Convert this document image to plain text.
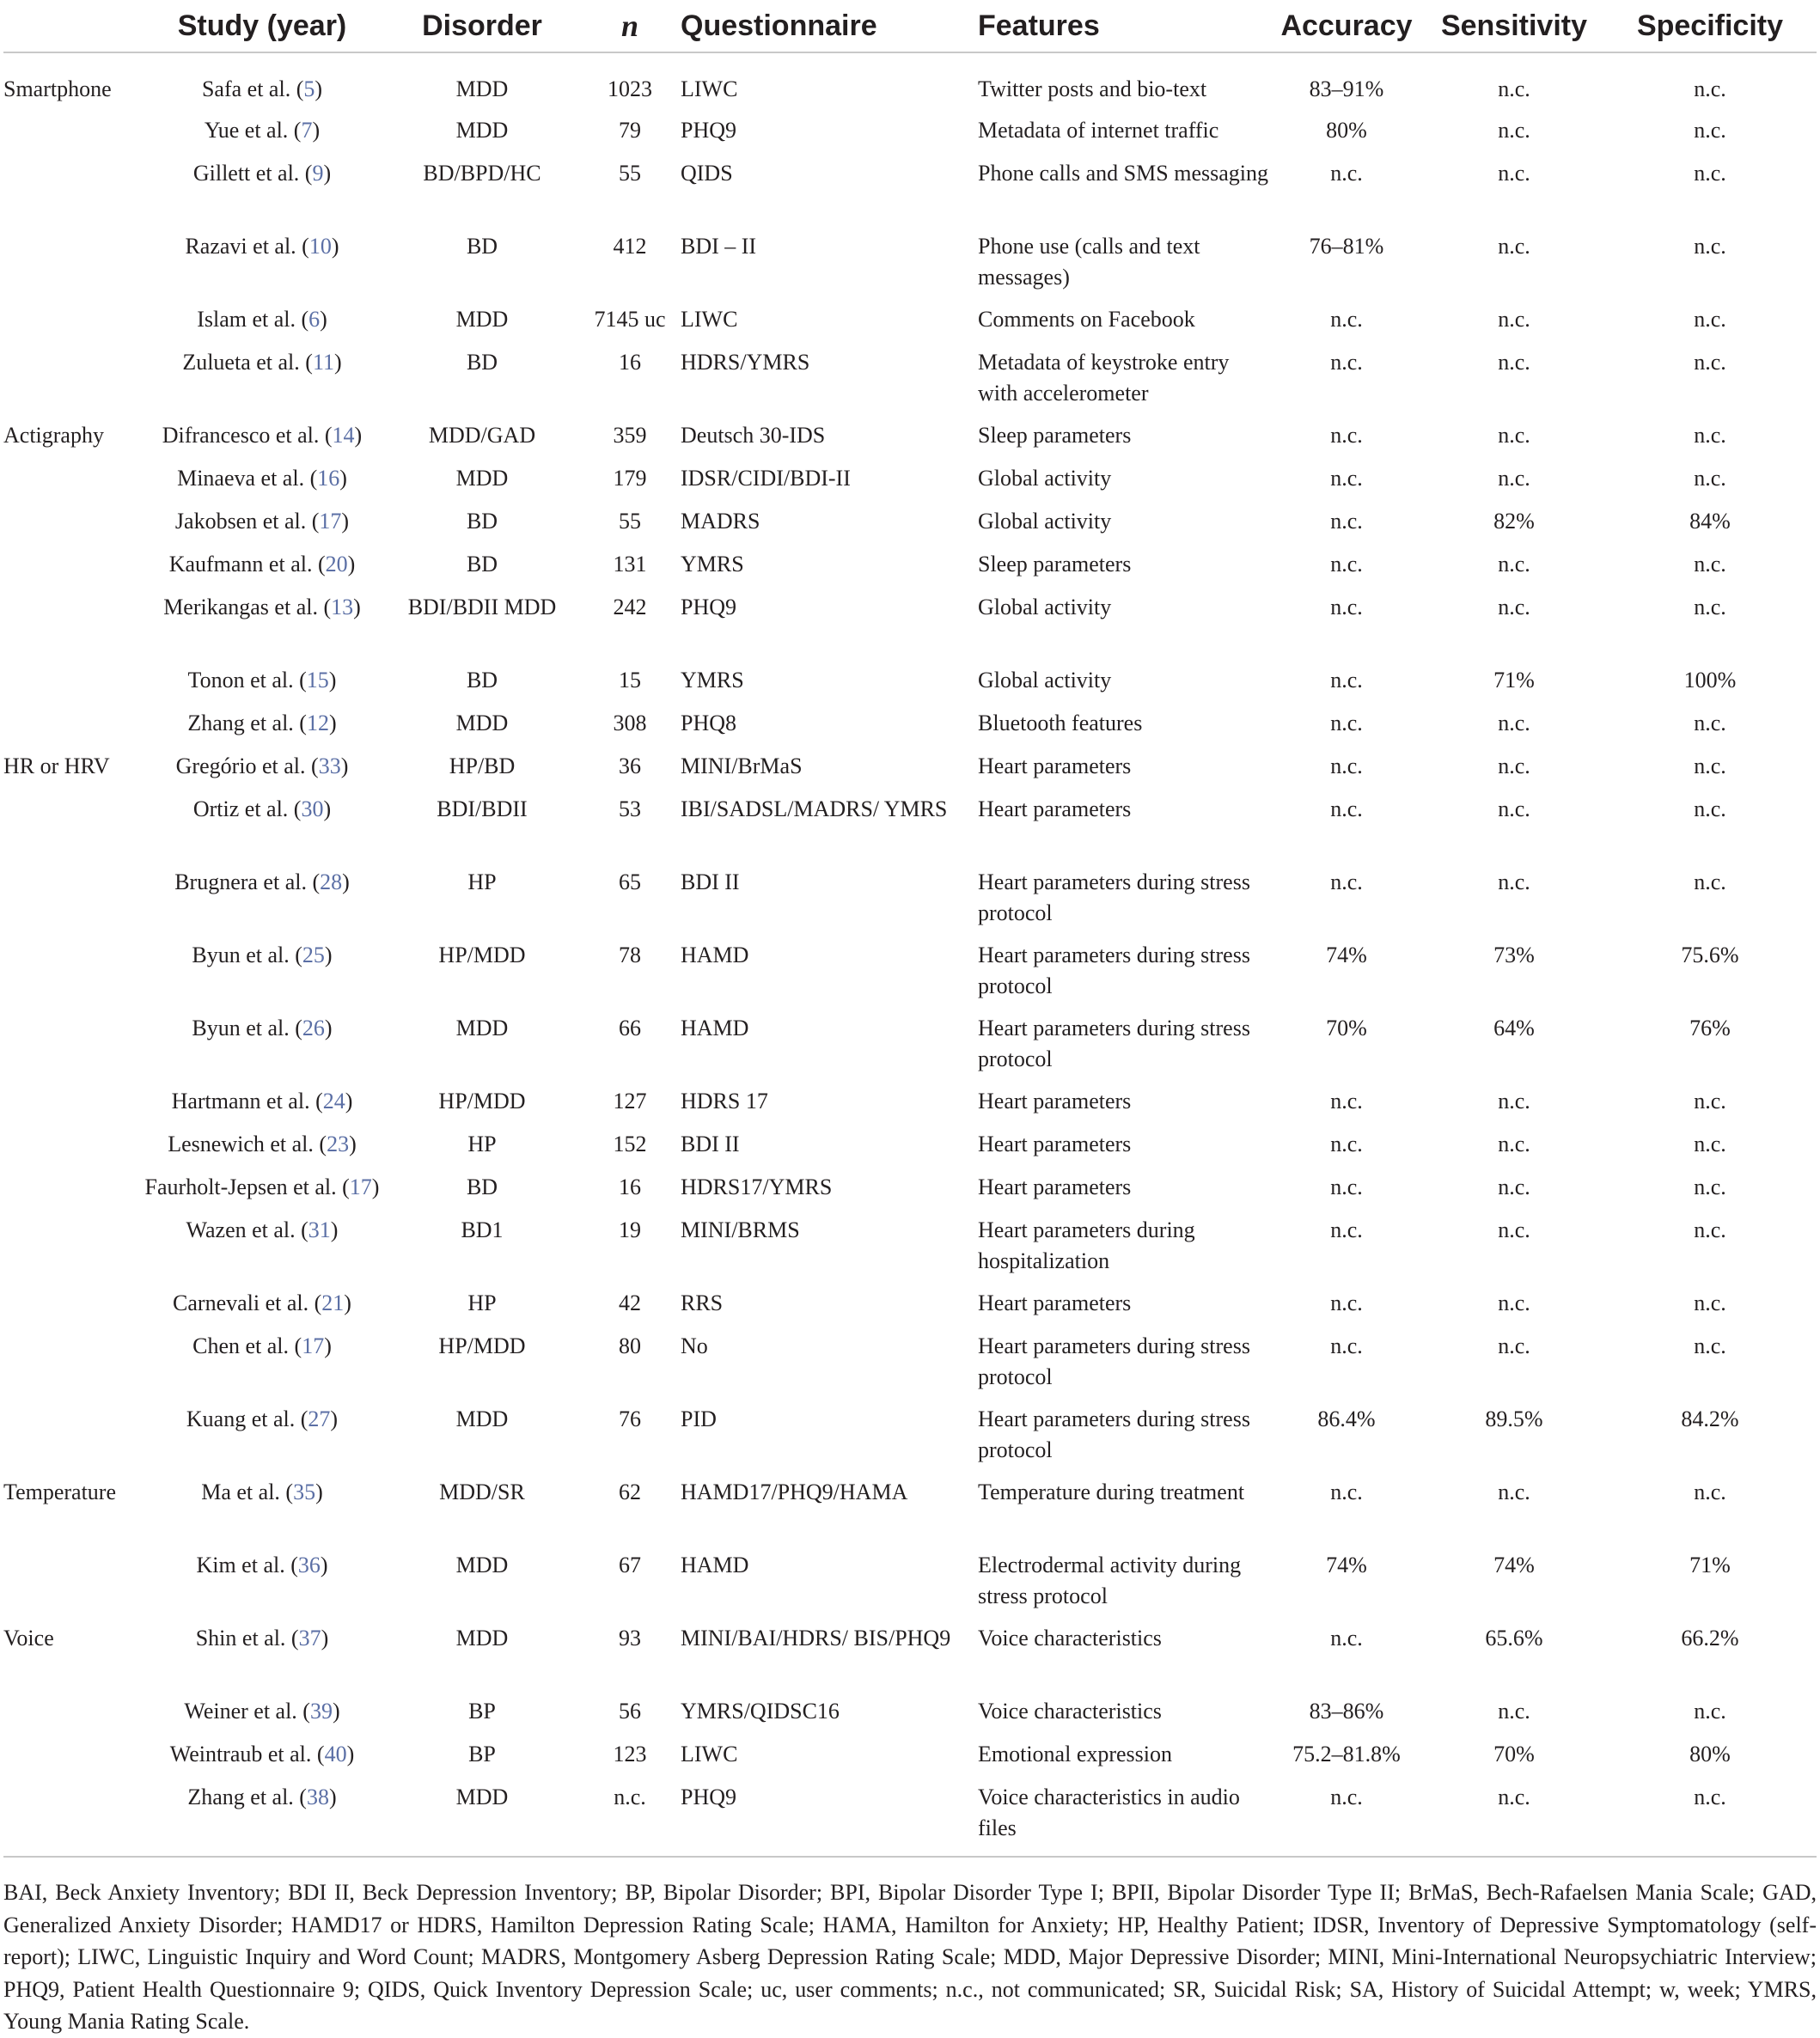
	Study (year)	Disorder	n	Questionnaire	Features	Accuracy	Sensitivity	Specificity
Smartphone	Safa et al. (5)	MDD	1023	LIWC	Twitter posts and bio-text	83–91%	n.c.	n.c.
	Yue et al. (7)	MDD	79	PHQ9	Metadata of internet traffic	80%	n.c.	n.c.
	Gillett et al. (9)	BD/BPD/HC	55	QIDS	Phone calls and SMS messaging	n.c.	n.c.	n.c.
	Razavi et al. (10)	BD	412	BDI – II	Phone use (calls and text messages)	76–81%	n.c.	n.c.
	Islam et al. (6)	MDD	7145 uc	LIWC	Comments on Facebook	n.c.	n.c.	n.c.
	Zulueta et al. (11)	BD	16	HDRS/YMRS	Metadata of keystroke entry with accelerometer	n.c.	n.c.	n.c.
Actigraphy	Difrancesco et al. (14)	MDD/GAD	359	Deutsch 30-IDS	Sleep parameters	n.c.	n.c.	n.c.
	Minaeva et al. (16)	MDD	179	IDSR/CIDI/BDI-II	Global activity	n.c.	n.c.	n.c.
	Jakobsen et al. (17)	BD	55	MADRS	Global activity	n.c.	82%	84%
	Kaufmann et al. (20)	BD	131	YMRS	Sleep parameters	n.c.	n.c.	n.c.
	Merikangas et al. (13)	BDI/BDII MDD	242	PHQ9	Global activity	n.c.	n.c.	n.c.
	Tonon et al. (15)	BD	15	YMRS	Global activity	n.c.	71%	100%
	Zhang et al. (12)	MDD	308	PHQ8	Bluetooth features	n.c.	n.c.	n.c.
HR or HRV	Gregório et al. (33)	HP/BD	36	MINI/BrMaS	Heart parameters	n.c.	n.c.	n.c.
	Ortiz et al. (30)	BDI/BDII	53	IBI/SADSL/MADRS/ YMRS	Heart parameters	n.c.	n.c.	n.c.
	Brugnera et al. (28)	HP	65	BDI II	Heart parameters during stress protocol	n.c.	n.c.	n.c.
	Byun et al. (25)	HP/MDD	78	HAMD	Heart parameters during stress protocol	74%	73%	75.6%
	Byun et al. (26)	MDD	66	HAMD	Heart parameters during stress protocol	70%	64%	76%
	Hartmann et al. (24)	HP/MDD	127	HDRS 17	Heart parameters	n.c.	n.c.	n.c.
	Lesnewich et al. (23)	HP	152	BDI II	Heart parameters	n.c.	n.c.	n.c.
	Faurholt-Jepsen et al. (17)	BD	16	HDRS17/YMRS	Heart parameters	n.c.	n.c.	n.c.
	Wazen et al. (31)	BD1	19	MINI/BRMS	Heart parameters during hospitalization	n.c.	n.c.	n.c.
	Carnevali et al. (21)	HP	42	RRS	Heart parameters	n.c.	n.c.	n.c.
	Chen et al. (17)	HP/MDD	80	No	Heart parameters during stress protocol	n.c.	n.c.	n.c.
	Kuang et al. (27)	MDD	76	PID	Heart parameters during stress protocol	86.4%	89.5%	84.2%
Temperature	Ma et al. (35)	MDD/SR	62	HAMD17/PHQ9/HAMA	Temperature during treatment	n.c.	n.c.	n.c.
	Kim et al. (36)	MDD	67	HAMD	Electrodermal activity during stress protocol	74%	74%	71%
Voice	Shin et al. (37)	MDD	93	MINI/BAI/HDRS/ BIS/PHQ9	Voice characteristics	n.c.	65.6%	66.2%
	Weiner et al. (39)	BP	56	YMRS/QIDSC16	Voice characteristics	83–86%	n.c.	n.c.
	Weintraub et al. (40)	BP	123	LIWC	Emotional expression	75.2–81.8%	70%	80%
	Zhang et al. (38)	MDD	n.c.	PHQ9	Voice characteristics in audio files	n.c.	n.c.	n.c.
BAI, Beck Anxiety Inventory; BDI II, Beck Depression Inventory; BP, Bipolar Disorder; BPI, Bipolar Disorder Type I; BPII, Bipolar Disorder Type II; BrMaS, Bech-Rafaelsen Mania Scale; GAD, Generalized Anxiety Disorder; HAMD17 or HDRS, Hamilton Depression Rating Scale; HAMA, Hamilton for Anxiety; HP, Healthy Patient; IDSR, Inventory of Depressive Symptomatology (self-report); LIWC, Linguistic Inquiry and Word Count; MADRS, Montgomery Asberg Depression Rating Scale; MDD, Major Depressive Disorder; MINI, Mini-International Neuropsychiatric Interview; PHQ9, Patient Health Questionnaire 9; QIDS, Quick Inventory Depression Scale; uc, user comments; n.c., not communicated; SR, Suicidal Risk; SA, History of Suicidal Attempt; w, week; YMRS, Young Mania Rating Scale.
